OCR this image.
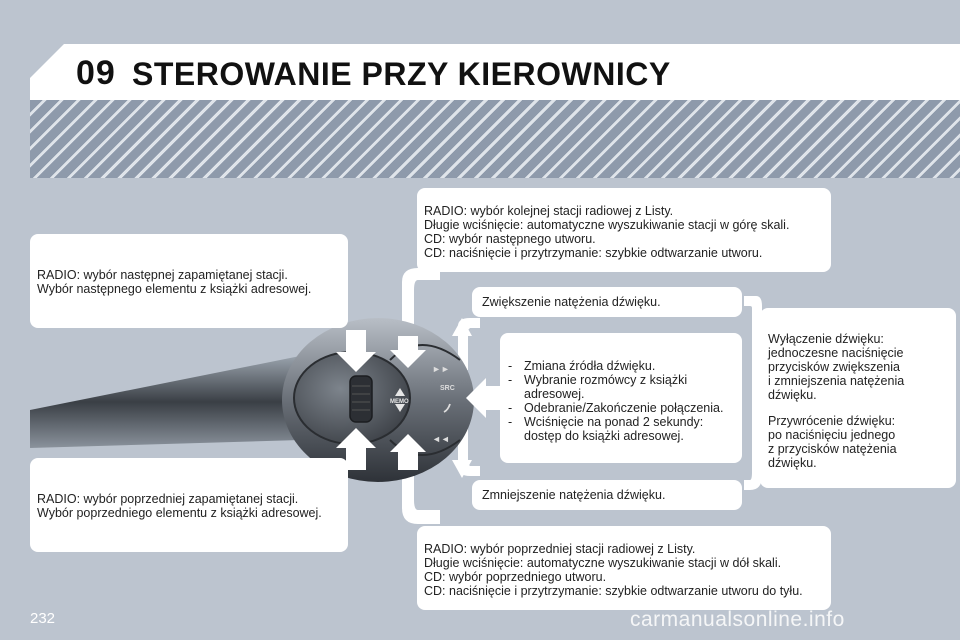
09 STEROWANIE PRZY KIEROWNICY
MEMO
►►
◄◄
SRC

RADIO: wybór następnej zapamiętanej stacji.

Wybór następnego elementu z książki adresowej.

RADIO: wybór poprzedniej zapamiętanej stacji.

Wybór poprzedniego elementu z książki adresowej.

RADIO: wybór kolejnej stacji radiowej z Listy.

Długie wciśnięcie: automatyczne wyszukiwanie stacji w górę skali.

CD: wybór następnego utworu.

CD: naciśnięcie i przytrzymanie: szybkie odtwarzanie utworu.

RADIO: wybór poprzedniej stacji radiowej z Listy.

Długie wciśnięcie: automatyczne wyszukiwanie stacji w dół skali.

CD: wybór poprzedniego utworu.

CD: naciśnięcie i przytrzymanie: szybkie odtwarzanie utworu do tyłu.

Zwiększenie natężenia dźwięku.

Zmniejszenie natężenia dźwięku.

- Zmiana źródła dźwięku.
- Wybranie rozmówcy z książki adresowej.
- Odebranie/Zakończenie połączenia.
- Wciśnięcie na ponad 2 sekundy: dostęp do książki adresowej.

Wyłączenie dźwięku:
jednoczesne naciśnięcie
przycisków zwiększenia
i zmniejszenia natężenia
dźwięku.

Przywrócenie dźwięku:
po naciśnięciu jednego
z przycisków natężenia
dźwięku.

232	carmanualsonline.info
